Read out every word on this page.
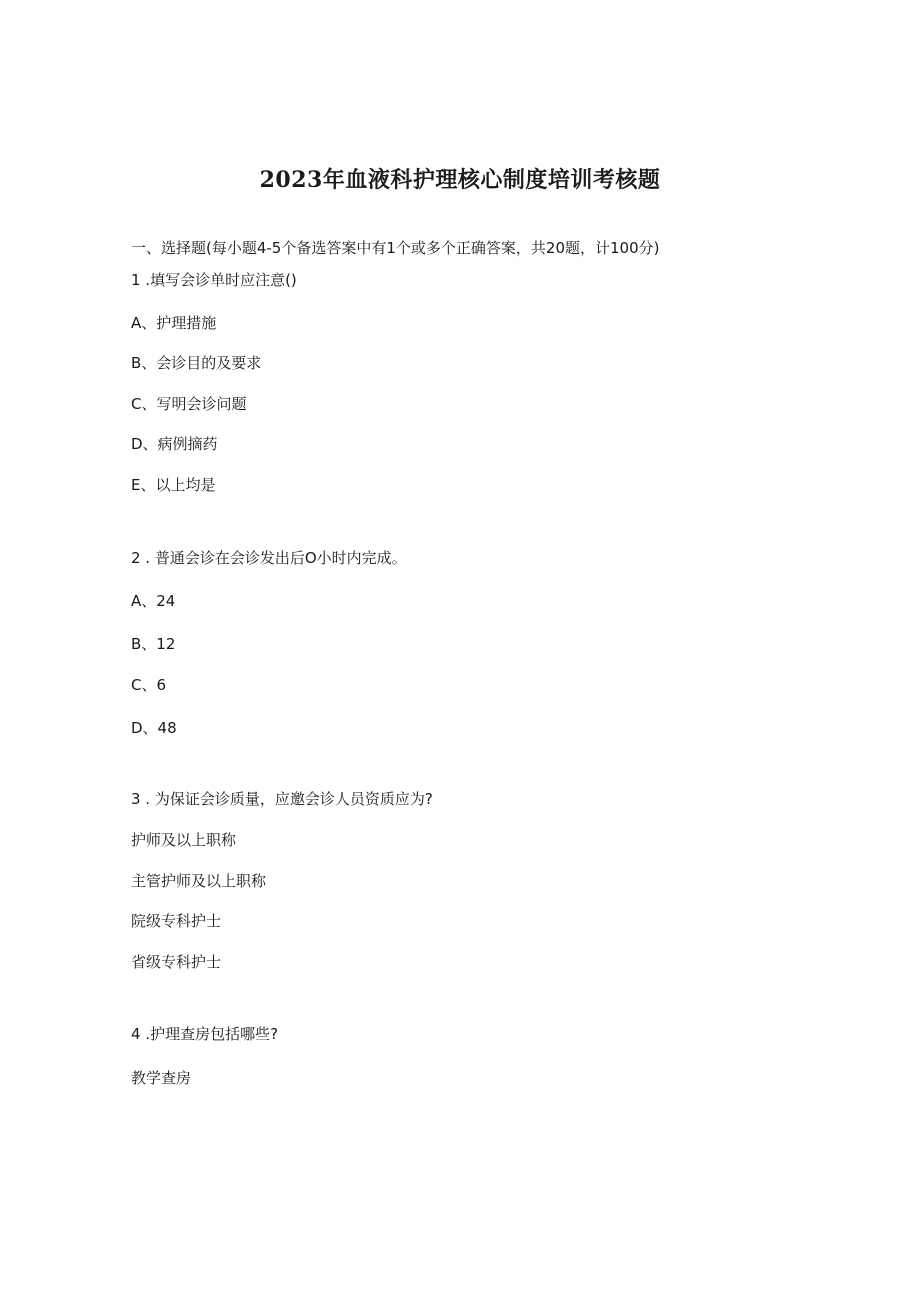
2023年血液科护理核心制度培训考核题
一、选择题(每小题4-5个备选答案中有1个或多个正确答案，共20题，计100分)
1 .填写会诊单时应注意()
A、护理措施
B、会诊目的及要求
C、写明会诊问题
D、病例摘药
E、以上均是
2 . 普通会诊在会诊发出后O小时内完成。
A、24
B、12
C、6
D、48
3 . 为保证会诊质量，应邀会诊人员资质应为?
护师及以上职称
主管护师及以上职称
院级专科护士
省级专科护士
4 .护理查房包括哪些?
教学查房
